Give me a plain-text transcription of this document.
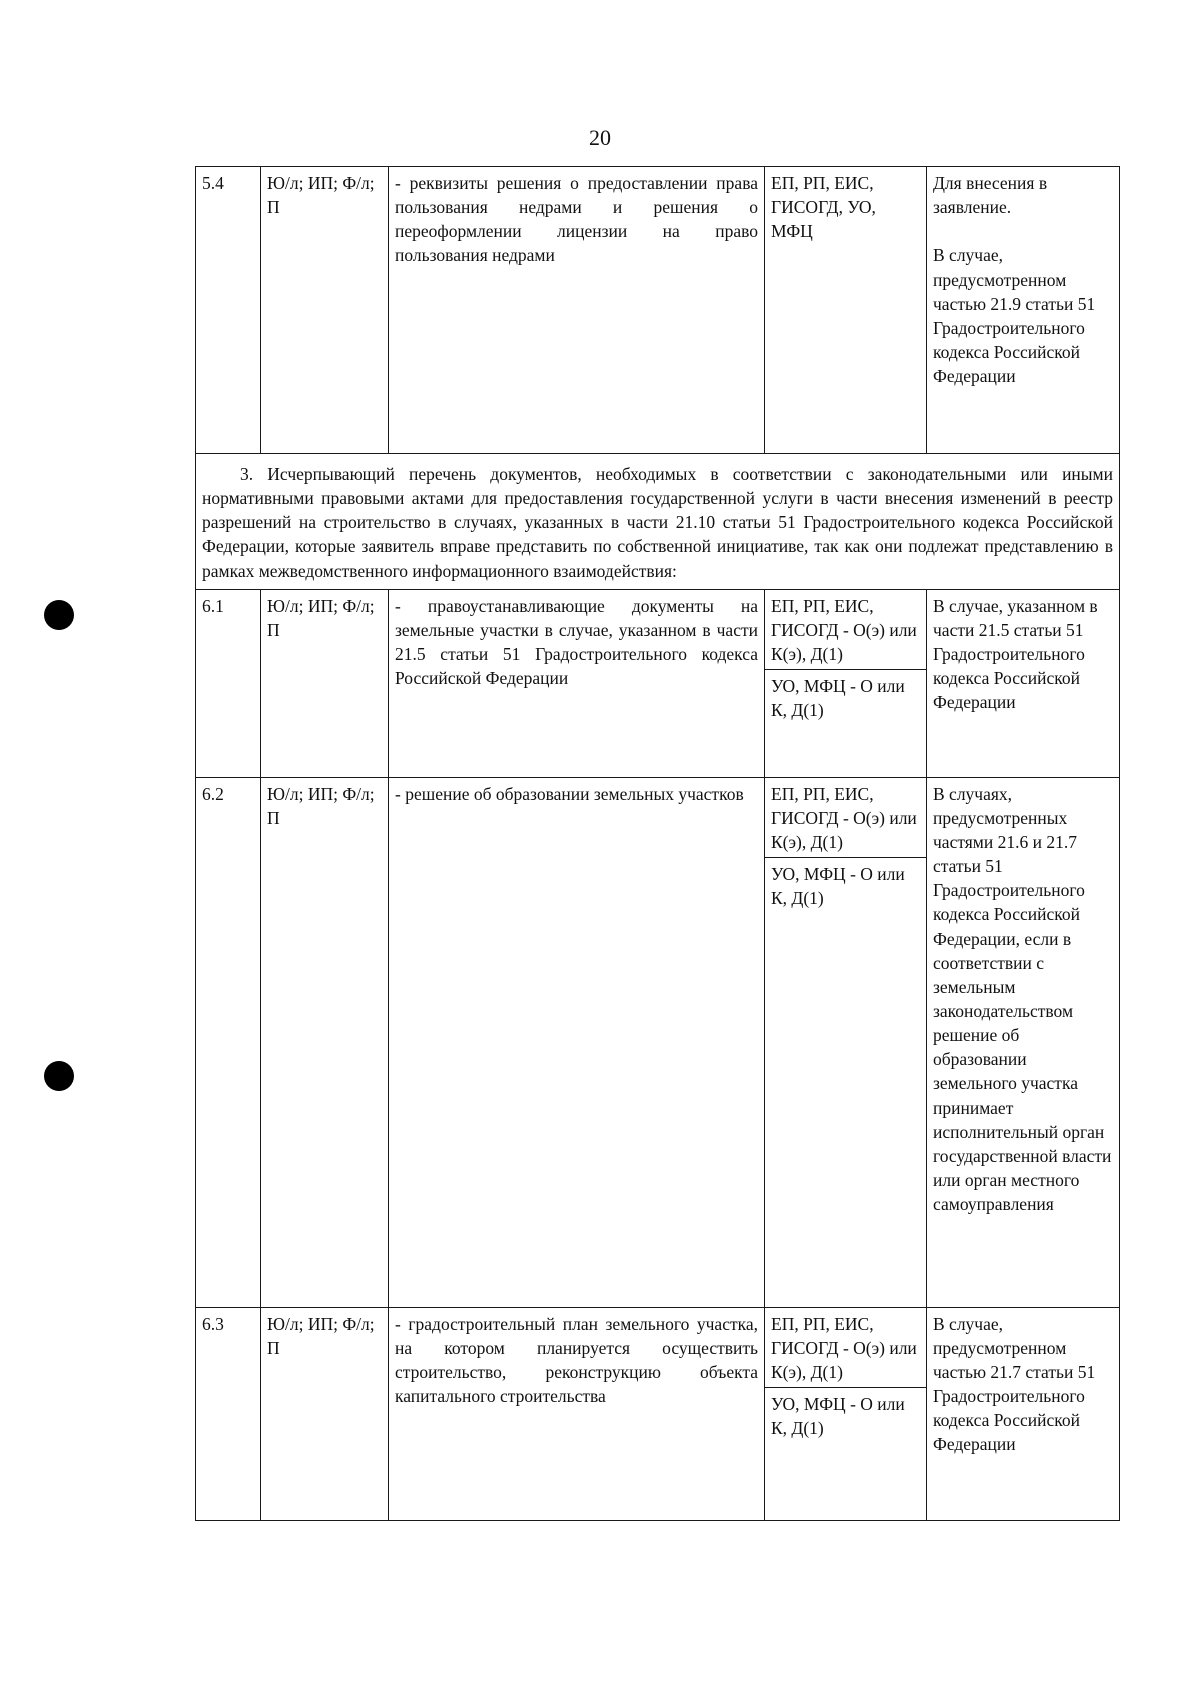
20
5.4	Ю/л; ИП; Ф/л; П	- реквизиты решения о предоставлении права пользования недрами и решения о переоформлении лицензии на право пользования недрами	ЕП, РП, ЕИС, ГИСОГД, УО, МФЦ	Для внесения в заявление.

В случае, предусмотренном частью 21.9 статьи 51 Градостроительного кодекса Российской Федерации
3. Исчерпывающий перечень документов, необходимых в соответствии с законодательными или иными нормативными правовыми актами для предоставления государственной услуги в части внесения изменений в реестр разрешений на строительство в случаях, указанных в части 21.10 статьи 51 Градостроительного кодекса Российской Федерации, которые заявитель вправе представить по собственной инициативе, так как они подлежат представлению в рамках межведомственного информационного взаимодействия:				
6.1	Ю/л; ИП; Ф/л; П	- правоустанавливающие документы на земельные участки в случае, указанном в части 21.5 статьи 51 Градостроительного кодекса Российской Федерации	ЕП, РП, ЕИС, ГИСОГД - О(э) или К(э), Д(1)
УО, МФЦ - О или К, Д(1)	В случае, указанном в части 21.5 статьи 51 Градостроительного кодекса Российской Федерации
6.2	Ю/л; ИП; Ф/л; П	- решение об образовании земельных участков	ЕП, РП, ЕИС, ГИСОГД - О(э) или К(э), Д(1)
УО, МФЦ - О или К, Д(1)	В случаях, предусмотренных частями 21.6 и 21.7 статьи 51 Градостроительного кодекса Российской Федерации, если в соответствии с земельным законодательством решение об образовании земельного участка принимает исполнительный орган государственной власти или орган местного самоуправления
6.3	Ю/л; ИП; Ф/л; П	- градостроительный план земельного участка, на котором планируется осуществить строительство, реконструкцию объекта капитального строительства	ЕП, РП, ЕИС, ГИСОГД - О(э) или К(э), Д(1)
УО, МФЦ - О или К, Д(1)	В случае, предусмотренном частью 21.7 статьи 51 Градостроительного кодекса Российской Федерации
